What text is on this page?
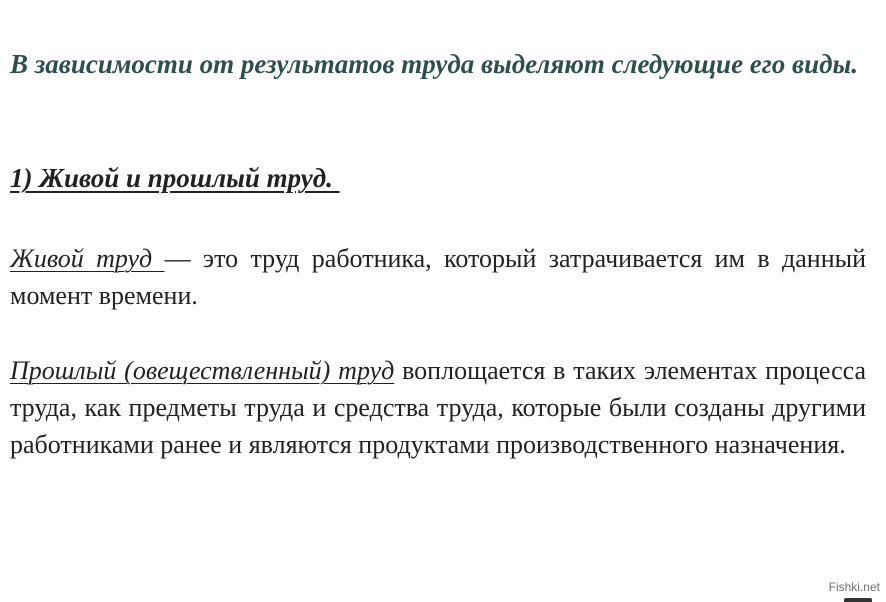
В зависимости от результатов труда выделяют следующие его виды.

1) Живой и прошлый труд.

Живой труд — это труд работника, который затрачивается им в данный момент времени.

Прошлый (овеществленный) труд воплощается в таких элементах процесса труда, как предметы труда и средства труда, которые были созданы другими работниками ранее и являются продуктами производственного назначения.

Fishki.net
